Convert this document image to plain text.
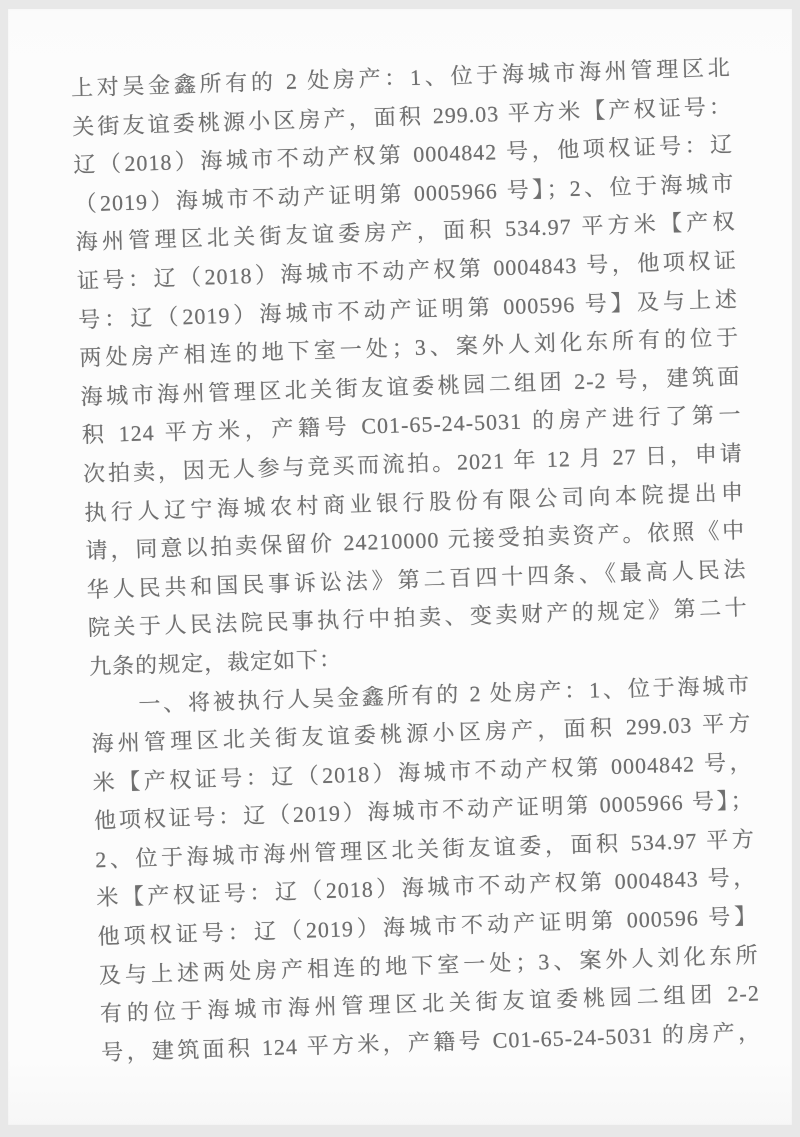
上对吴金鑫所有的 2 处房产：1、位于海城市海州管理区北
关街友谊委桃源小区房产，面积 299.03 平方米【产权证号：
辽（2018）海城市不动产权第 0004842 号，他项权证号：辽
（2019）海城市不动产证明第 0005966 号】；2、位于海城市
海州管理区北关街友谊委房产，面积 534.97 平方米【产权
证号：辽（2018）海城市不动产权第 0004843 号，他项权证
号：辽（2019）海城市不动产证明第 000596 号】及与上述
两处房产相连的地下室一处；3、案外人刘化东所有的位于
海城市海州管理区北关街友谊委桃园二组团 2-2 号，建筑面
积 124 平方米，产籍号 C01-65-24-5031 的房产进行了第一
次拍卖，因无人参与竞买而流拍。2021 年 12 月 27 日，申请
执行人辽宁海城农村商业银行股份有限公司向本院提出申
请，同意以拍卖保留价 24210000 元接受拍卖资产。依照《中
华人民共和国民事诉讼法》第二百四十四条、《最高人民法
院关于人民法院民事执行中拍卖、变卖财产的规定》第二十
九条的规定，裁定如下：
一、将被执行人吴金鑫所有的 2 处房产：1、位于海城市
海州管理区北关街友谊委桃源小区房产，面积 299.03 平方
米【产权证号：辽（2018）海城市不动产权第 0004842 号，
他项权证号：辽（2019）海城市不动产证明第 0005966 号】；
2、位于海城市海州管理区北关街友谊委，面积 534.97 平方
米【产权证号：辽（2018）海城市不动产权第 0004843 号，
他项权证号：辽（2019）海城市不动产证明第 000596 号】
及与上述两处房产相连的地下室一处；3、案外人刘化东所
有的位于海城市海州管理区北关街友谊委桃园二组团 2-2
号，建筑面积 124 平方米，产籍号 C01-65-24-5031 的房产，
